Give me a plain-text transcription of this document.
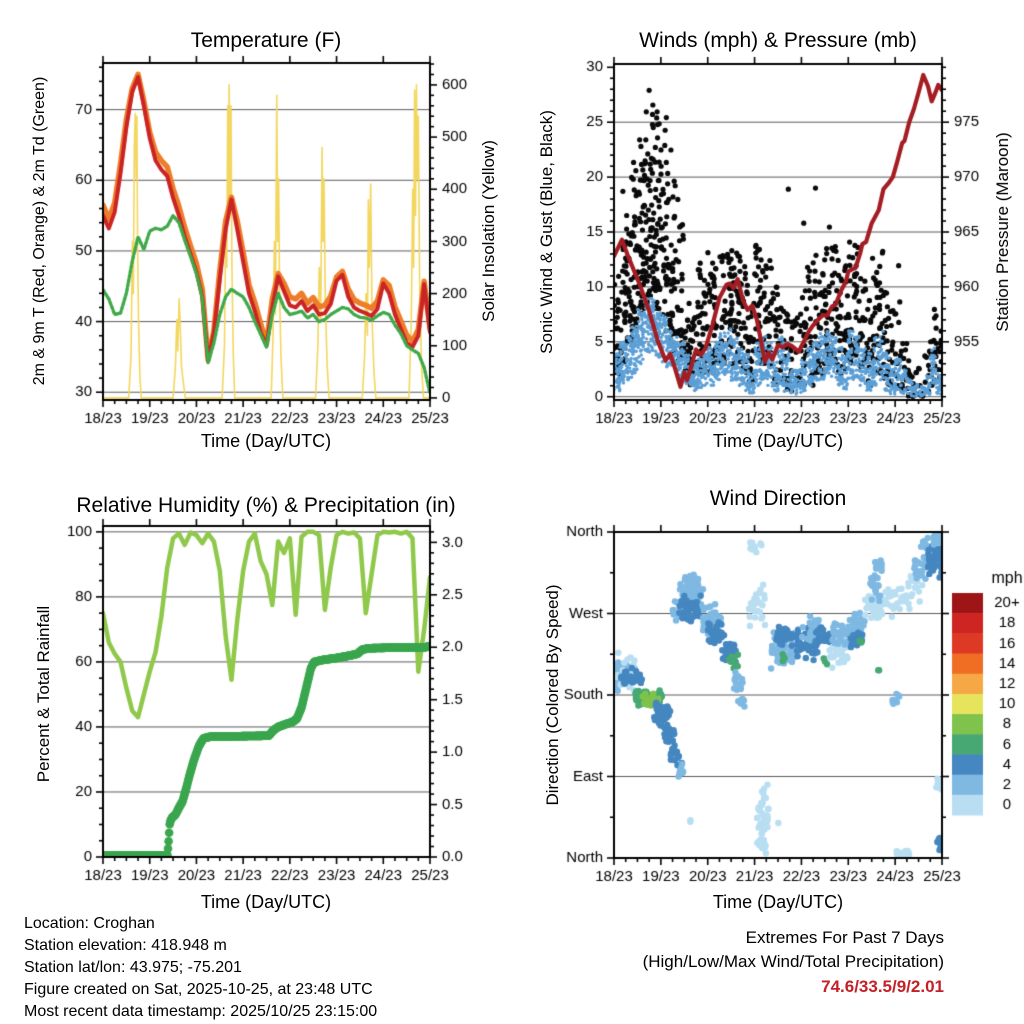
Temperature (F)	Winds (mph) & Pressure (mb)
Relative Humidity (%) & Precipitation (in)	Wind Direction
Time (Day/UTC)	Time (Day/UTC)
Time (Day/UTC)	Time (Day/UTC)
2m & 9m T (Red, Orange) & 2m Td (Green)	Solar Insolation (Yellow) Sonic Wind & Gust (Blue, Black)	Station Pressure (Maroon)
Percent & Total Rainfall	Direction (Colored By Speed)
Location: Croghan
Station elevation: 418.948 m
Station lat/lon: 43.975; -75.201
Figure created on Sat, 2025-10-25, at 23:48 UTC
Most recent data timestamp: 2025/10/25 23:15:00
Extremes For Past 7 Days
(High/Low/Max Wind/Total Precipitation)
74.6/33.5/9/2.01
